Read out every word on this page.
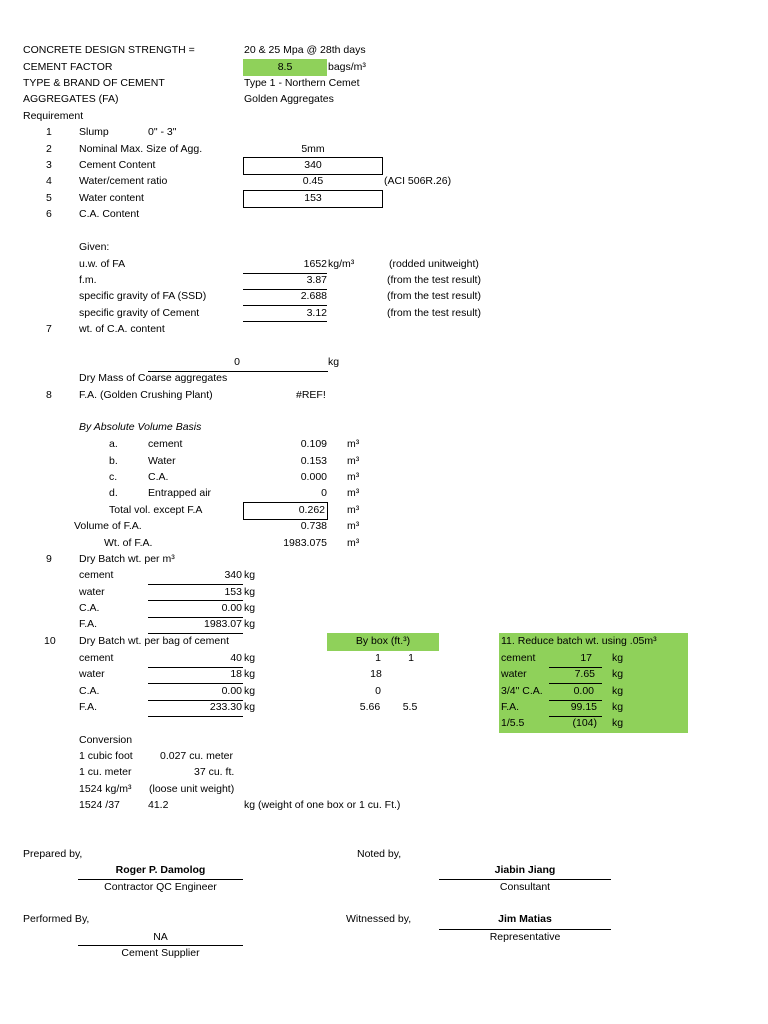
CONCRETE DESIGN STRENGTH =	20 & 25 Mpa @ 28th days
CEMENT FACTOR	8.5	bags/m³
TYPE & BRAND OF CEMENT	Type 1 - Northern Cemet
AGGREGATES (FA)	Golden Aggregates
Requirement
1	Slump	0" - 3"
2	Nominal Max. Size of Agg.	5mm
3	Cement Content	340
4	Water/cement ratio	0.45	(ACI 506R.26)
5	Water content	153
6	C.A. Content
Given:
u.w. of FA	1652 kg/m³	(rodded unitweight)
f.m.	3.87	(from the test result)
specific gravity of FA (SSD)	2.688	(from the test result)
specific gravity of Cement	3.12	(from the test result)
7	wt. of C.A. content
0	kg
Dry Mass of Coarse aggregates
8	F.A. (Golden Crushing Plant)	#REF!
By Absolute Volume Basis
a.	cement	0.109 m³
b.	Water	0.153 m³
c.	C.A.	0.000 m³
d.	Entrapped air	0 m³
Total vol. except F.A	0.262 m³
Volume of F.A.	0.738 m³
Wt. of F.A.	1983.075 m³
9	Dry Batch wt. per m³
cement	340 kg
water	153 kg
C.A.	0.00 kg
F.A.	1983.07 kg
10 Dry Batch wt. per bag of cement	By box (ft.³)
cement	40 kg	1	1
water	18 kg	18
C.A.	0.00 kg	0
F.A.	233.30 kg	5.66	5.5
11. Reduce batch wt. using .05m³
cement	17 kg
water	7.65 kg
3/4" C.A.	0.00 kg
F.A.	99.15 kg
1/5.5	(104) kg
Conversion
1 cubic foot	0.027 cu. meter
1 cu. meter	37 cu. ft.
1524 kg/m³ (loose unit weight)
1524 /37	41.2	kg (weight of one box or 1 cu. Ft.)
Prepared by,
Roger P. Damolog
Contractor QC Engineer
Noted by,
Jiabin Jiang
Consultant
Performed By,
NA
Cement Supplier
Witnessed by,	Jim Matias
Representative
